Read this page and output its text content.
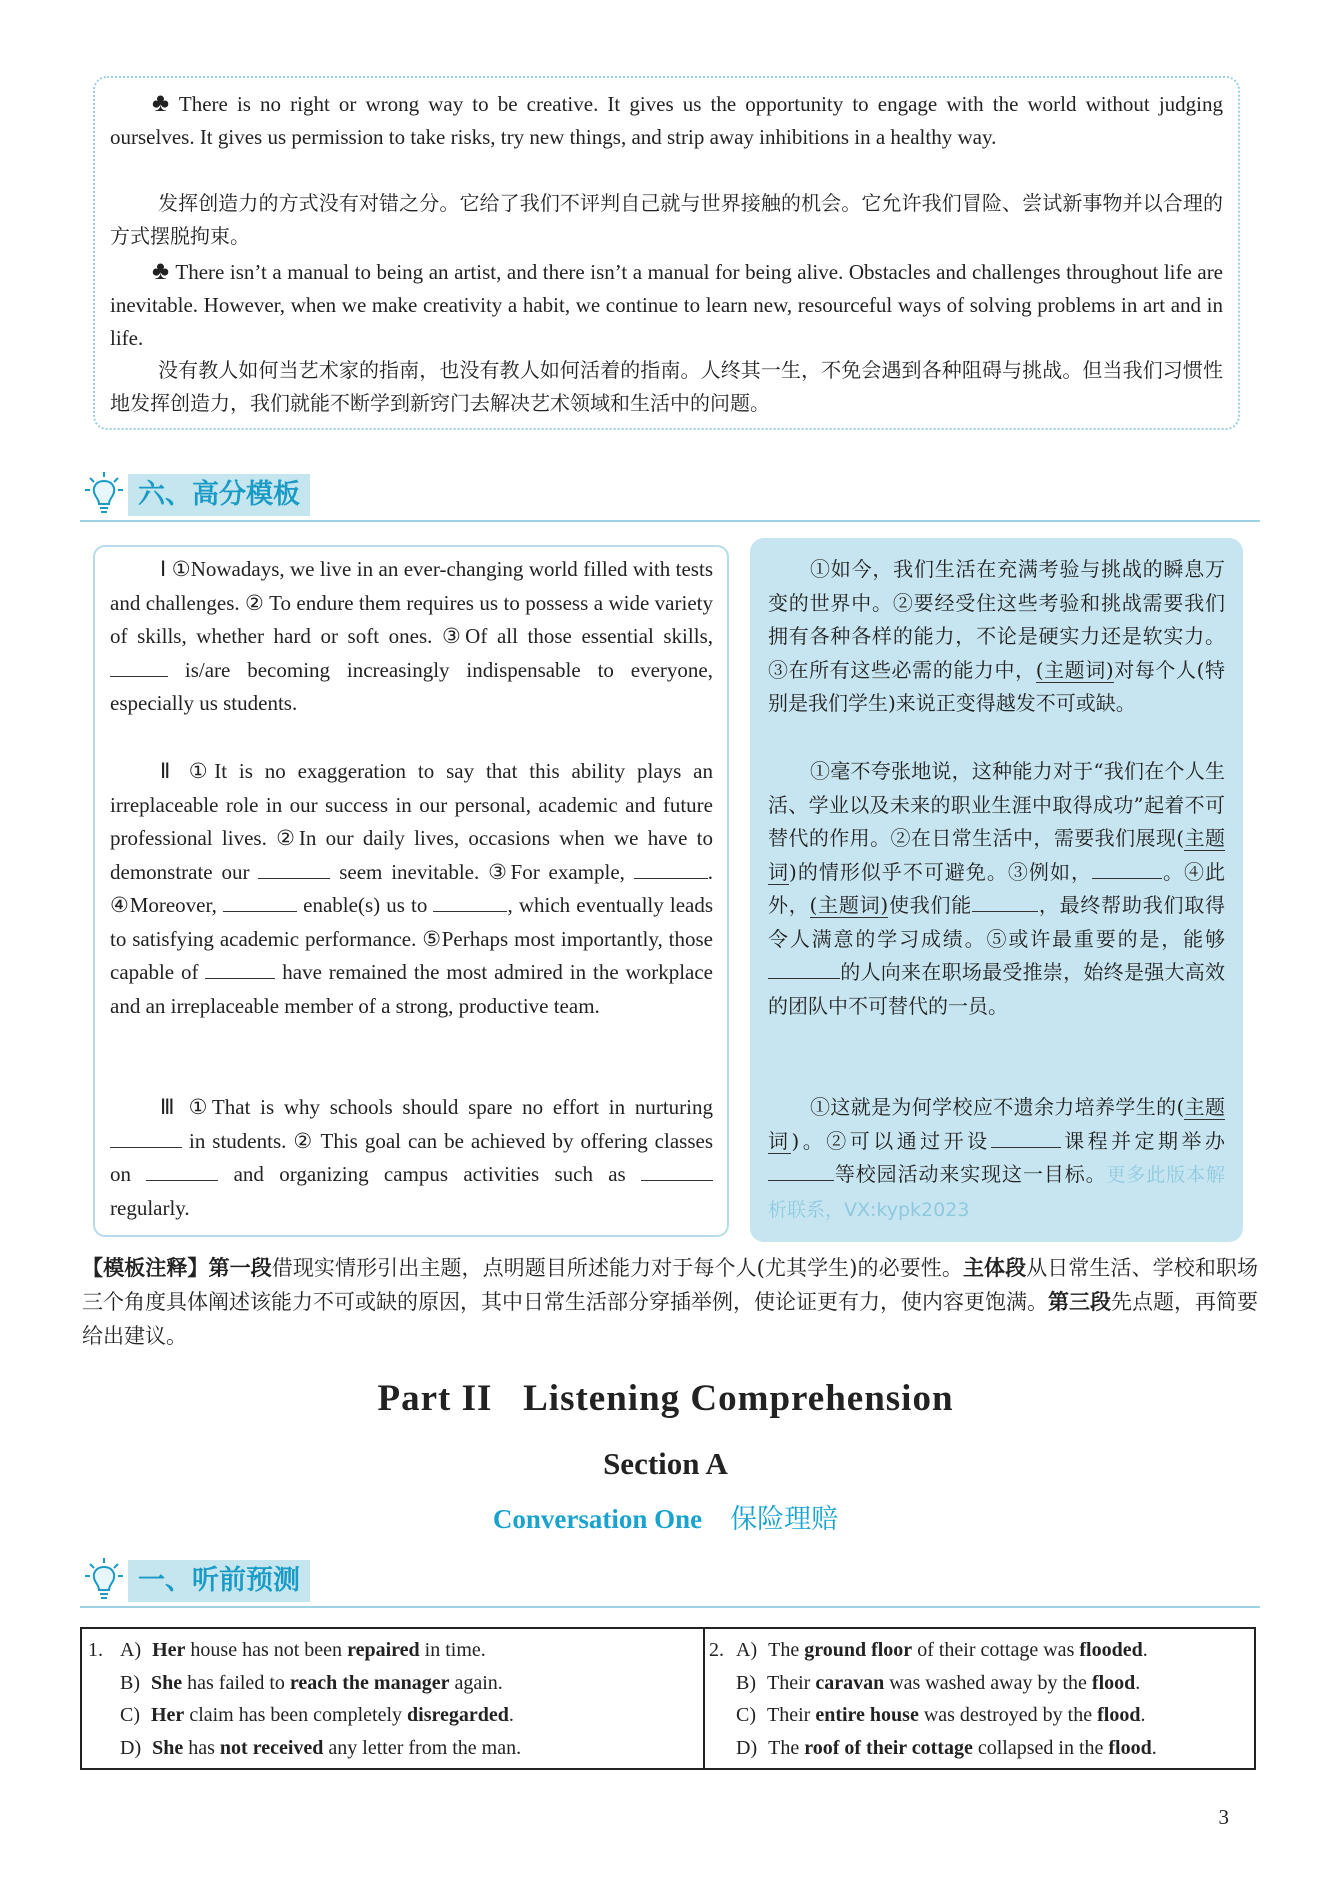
♣ There is no right or wrong way to be creative. It gives us the opportunity to engage with the world without judging ourselves. It gives us permission to take risks, try new things, and strip away inhibitions in a healthy way.

发挥创造力的方式没有对错之分。它给了我们不评判自己就与世界接触的机会。它允许我们冒险、尝试新事物并以合理的方式摆脱拘束。

♣ There isn’t a manual to being an artist, and there isn’t a manual for being alive. Obstacles and challenges throughout life are inevitable. However, when we make creativity a habit, we continue to learn new, resourceful ways of solving problems in art and in life.

没有教人如何当艺术家的指南，也没有教人如何活着的指南。人终其一生，不免会遇到各种阻碍与挑战。但当我们习惯性地发挥创造力，我们就能不断学到新窍门去解决艺术领域和生活中的问题。

六、高分模板

Ⅰ ①Nowadays, we live in an ever-changing world filled with tests and challenges. ② To endure them requires us to possess a wide variety of skills, whether hard or soft ones. ③Of all those essential skills,  is/are becoming increasingly indispensable to everyone, especially us students.

Ⅱ ①It is no exaggeration to say that this ability plays an irreplaceable role in our success in our personal, academic and future professional lives. ②In our daily lives, occasions when we have to demonstrate our	seem inevitable. ③For example,	. ④Moreover,	enable(s) us to	, which eventually leads to satisfying academic performance. ⑤Perhaps most importantly, those capable of	have remained the most admired in the workplace and an irreplaceable member of a strong, productive team.

Ⅲ ①That is why schools should spare no effort in nurturing  in students. ② This goal can be achieved by offering classes on	and organizing campus activities such as  regularly.

①如今，我们生活在充满考验与挑战的瞬息万变的世界中。②要经受住这些考验和挑战需要我们拥有各种各样的能力，不论是硬实力还是软实力。③在所有这些必需的能力中，(主题词)对每个人(特别是我们学生)来说正变得越发不可或缺。

①毫不夸张地说，这种能力对于“我们在个人生活、学业以及未来的职业生涯中取得成功”起着不可替代的作用。②在日常生活中，需要我们展现(主题词)的情形似乎不可避免。③例如，	。④此外，(主题词)使我们能	，最终帮助我们取得令人满意的学习成绩。⑤或许最重要的是，能够的人向来在职场最受推崇，始终是强大高效的团队中不可替代的一员。

①这就是为何学校应不遗余力培养学生的(主题词)。②可以通过开设	课程并定期举办等校园活动来实现这一目标。更多此版本解析联系，VX:kypk2023

【模板注释】第一段借现实情形引出主题，点明题目所述能力对于每个人(尤其学生)的必要性。主体段从日常生活、学校和职场三个角度具体阐述该能力不可或缺的原因，其中日常生活部分穿插举例，使论证更有力，使内容更饱满。第三段先点题，再简要给出建议。

Part II   Listening Comprehension
Section A
Conversation One 保险理赔
一、听前预测
1.	2.
A) Her house has not been repaired in time.
B) She has failed to reach the manager again.
C) Her claim has been completely disregarded.
D) She has not received any letter from the man.
A) The ground floor of their cottage was flooded.
B) Their caravan was washed away by the flood.
C) Their entire house was destroyed by the flood.
D) The roof of their cottage collapsed in the flood.
3
